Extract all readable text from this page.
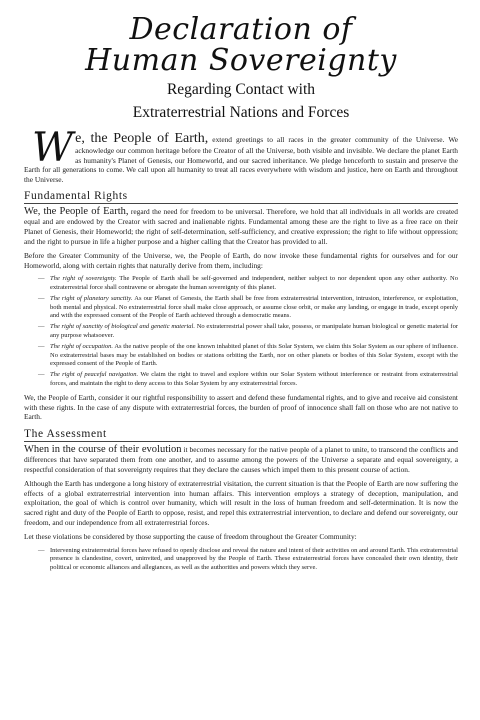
Declaration of
Human Sovereignty
Regarding Contact with
Extraterrestrial Nations and Forces
W e, the People of Earth, extend greetings to all races in the greater community of the Universe. We acknowledge our common heritage before the Creator of all the Universe, both visible and invisible. We declare the planet Earth as humanity's Planet of Genesis, our Homeworld, and our sacred inheritance. We pledge henceforth to sustain and preserve the Earth for all generations to come. We call upon all humanity to treat all races everywhere with wisdom and justice, here on Earth and throughout the Universe.
Fundamental Rights

We, the People of Earth, regard the need for freedom to be universal. Therefore, we hold that all individuals in all worlds are created equal and are endowed by the Creator with sacred and inalienable rights. Fundamental among these are the right to live as a free race on their Planet of Genesis, their Homeworld; the right of self-determination, self-sufficiency, and creative expression; the right to life without oppression; and the right to pursue in life a higher purpose and a higher calling that the Creator has provided to all.

Before the Greater Community of the Universe, we, the People of Earth, do now invoke these fundamental rights for ourselves and for our Homeworld, along with certain rights that naturally derive from them, including:

— The right of sovereignty. The People of Earth shall be self-governed and independent, neither subject to nor dependent upon any other authority. No extraterrestrial force shall contravene or abrogate the human sovereignty of this planet.
— The right of planetary sanctity. As our Planet of Genesis, the Earth shall be free from extraterrestrial intervention, intrusion, interference, or exploitation, both mental and physical. No extraterrestrial force shall make close approach, or assume close orbit, or make any landing, or engage in trade, except openly and with the expressed consent of the People of Earth achieved through a democratic means.
— The right of sanctity of biological and genetic material. No extraterrestrial power shall take, possess, or manipulate human biological or genetic material for any purpose whatsoever.
— The right of occupation. As the native people of the one known inhabited planet of this Solar System, we claim this Solar System as our sphere of influence. No extraterrestrial bases may be established on bodies or stations orbiting the Earth, nor on other planets or bodies of this Solar System, except with the expressed consent of the People of Earth.
— The right of peaceful navigation. We claim the right to travel and explore within our Solar System without interference or restraint from extraterrestrial forces, and maintain the right to deny access to this Solar System by any extraterrestrial forces.

We, the People of Earth, consider it our rightful responsibility to assert and defend these fundamental rights, and to give and receive aid consistent with these rights. In the case of any dispute with extraterrestrial forces, the burden of proof of innocence shall fall on those who are not native to Earth.

The Assessment

When in the course of their evolution it becomes necessary for the native people of a planet to unite, to transcend the conflicts and differences that have separated them from one another, and to assume among the powers of the Universe a separate and equal sovereignty, a respectful consideration of that sovereignty requires that they declare the causes which impel them to this present course of action.

Although the Earth has undergone a long history of extraterrestrial visitation, the current situation is that the People of Earth are now suffering the effects of a global extraterrestrial intervention into human affairs. This intervention employs a strategy of deception, manipulation, and exploitation, the goal of which is control over humanity, which will result in the loss of human freedom and self-determination. It is now the sacred right and duty of the People of Earth to oppose, resist, and repel this extraterrestrial intervention, to declare and defend our sovereignty, our freedom, and our independence from all extraterrestrial forces.

Let these violations be considered by those supporting the cause of freedom throughout the Greater Community:

— Intervening extraterrestrial forces have refused to openly disclose and reveal the nature and intent of their activities on and around Earth. This extraterrestrial presence is clandestine, covert, uninvited, and unapproved by the People of Earth. These extraterrestrial forces have concealed their own identity, their political or economic alliances and allegiances, as well as the authorities and powers which they serve.
